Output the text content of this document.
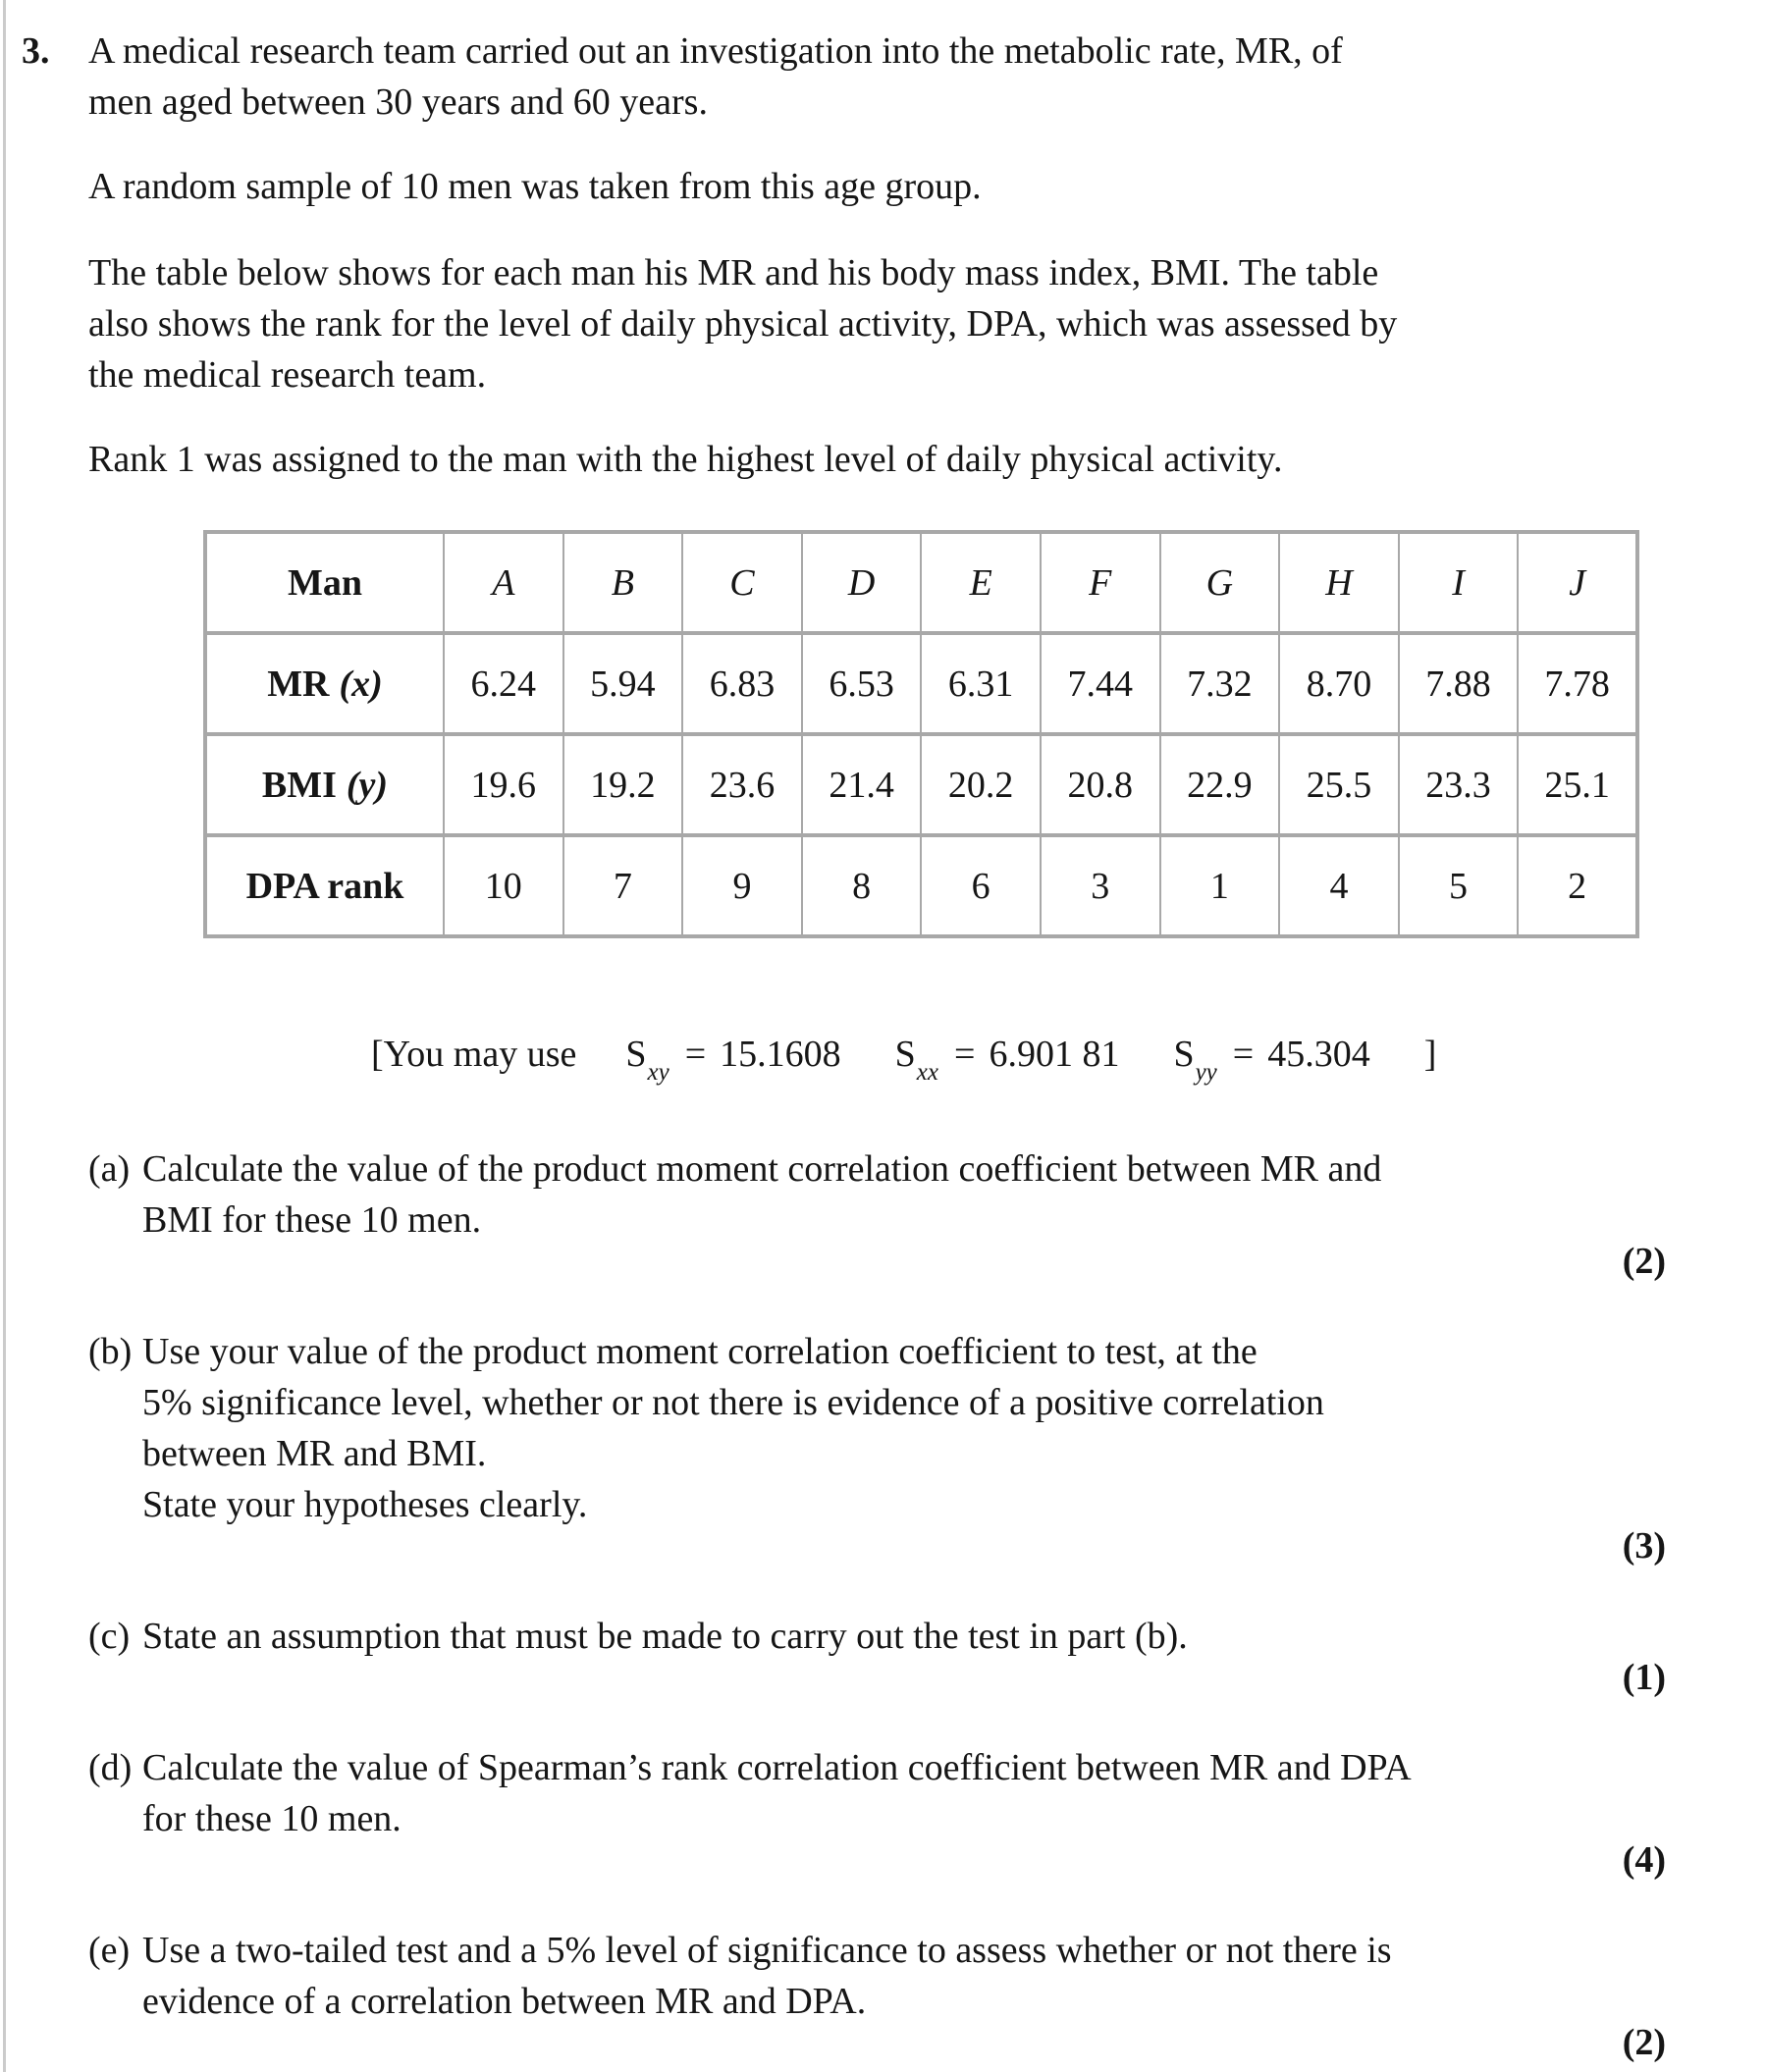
3. A medical research team carried out an investigation into the metabolic rate, MR, of
men aged between 30 years and 60 years.

A random sample of 10 men was taken from this age group.

The table below shows for each man his MR and his body mass index, BMI. The table
also shows the rank for the level of daily physical activity, DPA, which was assessed by
the medical research team.

Rank 1 was assigned to the man with the highest level of daily physical activity.

Man	A	B	C	D	E	F	G	H	I	J
MR (x)	6.24	5.94	6.83	6.53	6.31	7.44	7.32	8.70	7.88	7.78
BMI (y)	19.6	19.2	23.6	21.4	20.2	20.8	22.9	25.5	23.3	25.1
DPA rank	10	7	9	8	6	3	1	4	5	2
[You may use $S_{xy} = 15.1608$ $S_{xx} = 6.901$ 81 $S_{yy} = 45.304$ ]
(a) Calculate the value of the product moment correlation coefficient between MR and
BMI for these 10 men.
(2)
(b) Use your value of the product moment correlation coefficient to test, at the
5% significance level, whether or not there is evidence of a positive correlation
between MR and BMI.
State your hypotheses clearly.
(3)
(c) State an assumption that must be made to carry out the test in part (b).
(1)
(d) Calculate the value of Spearman’s rank correlation coefficient between MR and DPA
for these 10 men.
(4)
(e) Use a two-tailed test and a 5% level of significance to assess whether or not there is
evidence of a correlation between MR and DPA.
(2)
